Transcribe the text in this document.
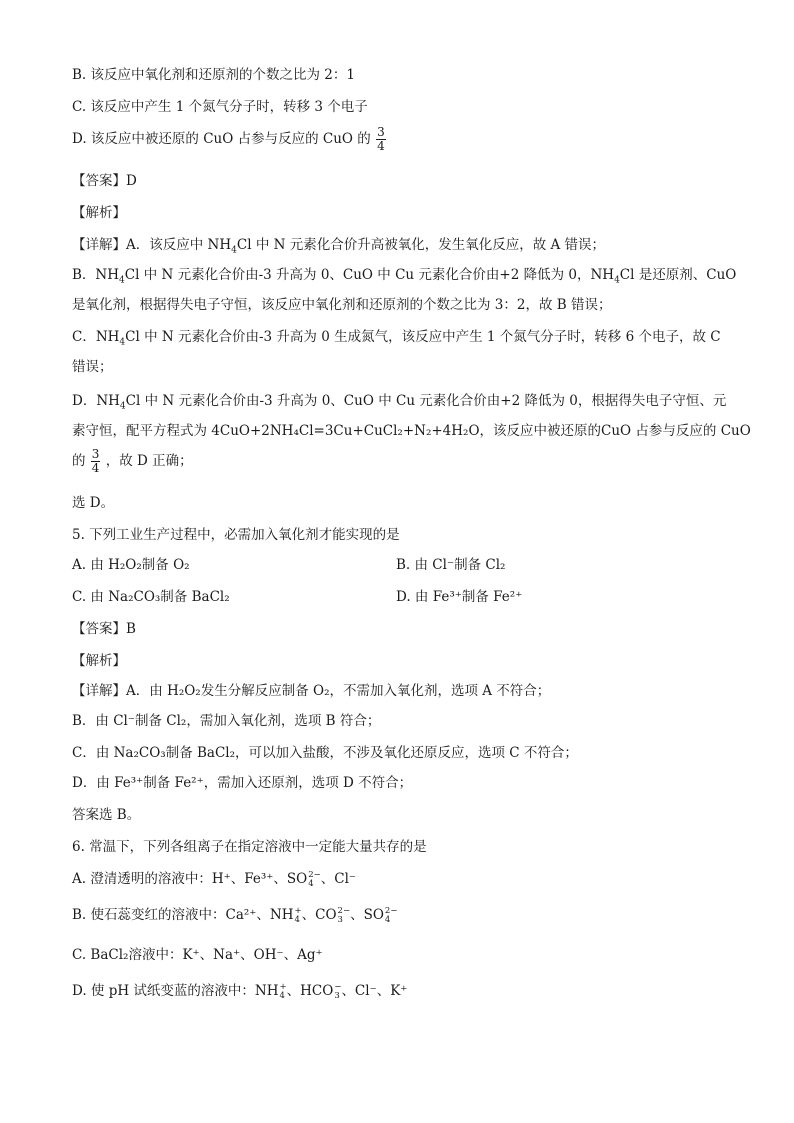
B. 该反应中氧化剂和还原剂的个数之比为 2：1
C. 该反应中产生 1 个氮气分子时，转移 3 个电子
D. 该反应中被还原的 CuO 占参与反应的 CuO 的 $\frac{3}{4}$
【答案】D
【解析】
【详解】A．该反应中 $NH_4Cl$ 中 N 元素化合价升高被氧化，发生氧化反应，故 A 错误；
B．$NH_4Cl$ 中 N 元素化合价由-3 升高为 0、CuO 中 Cu 元素化合价由+2 降低为 0，$NH_4Cl$ 是还原剂、CuO
是氧化剂，根据得失电子守恒，该反应中氧化剂和还原剂的个数之比为 3：2，故 B 错误；
C．$NH_4Cl$ 中 N 元素化合价由-3 升高为 0 生成氮气，该反应中产生 1 个氮气分子时，转移 6 个电子，故 C
错误；
D．$NH_4Cl$ 中 N 元素化合价由-3 升高为 0、CuO 中 Cu 元素化合价由+2 降低为 0，根据得失电子守恒、元
素守恒，配平方程式为 4CuO+2NH₄Cl=3Cu+CuCl₂+N₂+4H₂O，该反应中被还原的CuO 占参与反应的 CuO
的 $\frac{3}{4}$ ，故 D 正确；
选 D。
5. 下列工业生产过程中，必需加入氧化剂才能实现的是
A. 由 H₂O₂制备 O₂	B. 由 Cl⁻制备 Cl₂
C. 由 Na₂CO₃制备 BaCl₂	D. 由 Fe³⁺制备 Fe²⁺
【答案】B
【解析】
【详解】A．由 H₂O₂发生分解反应制备 O₂，不需加入氧化剂，选项 A 不符合；
B．由 Cl⁻制备 Cl₂，需加入氧化剂，选项 B 符合；
C．由 Na₂CO₃制备 BaCl₂，可以加入盐酸，不涉及氧化还原反应，选项 C 不符合；
D．由 Fe³⁺制备 Fe²⁺，需加入还原剂，选项 D 不符合；
答案选 B。
6. 常温下，下列各组离子在指定溶液中一定能大量共存的是
A. 澄清透明的溶液中：H⁺、Fe³⁺、SO 2−
4 、Cl⁻
B. 使石蕊变红的溶液中：Ca²⁺、NH +
4 、CO 2−
3 、SO 2−
4
C. BaCl₂溶液中：K⁺、Na⁺、OH⁻、Ag⁺
D. 使 pH 试纸变蓝的溶液中：NH +
4 、HCO −
3 、Cl⁻、K⁺
